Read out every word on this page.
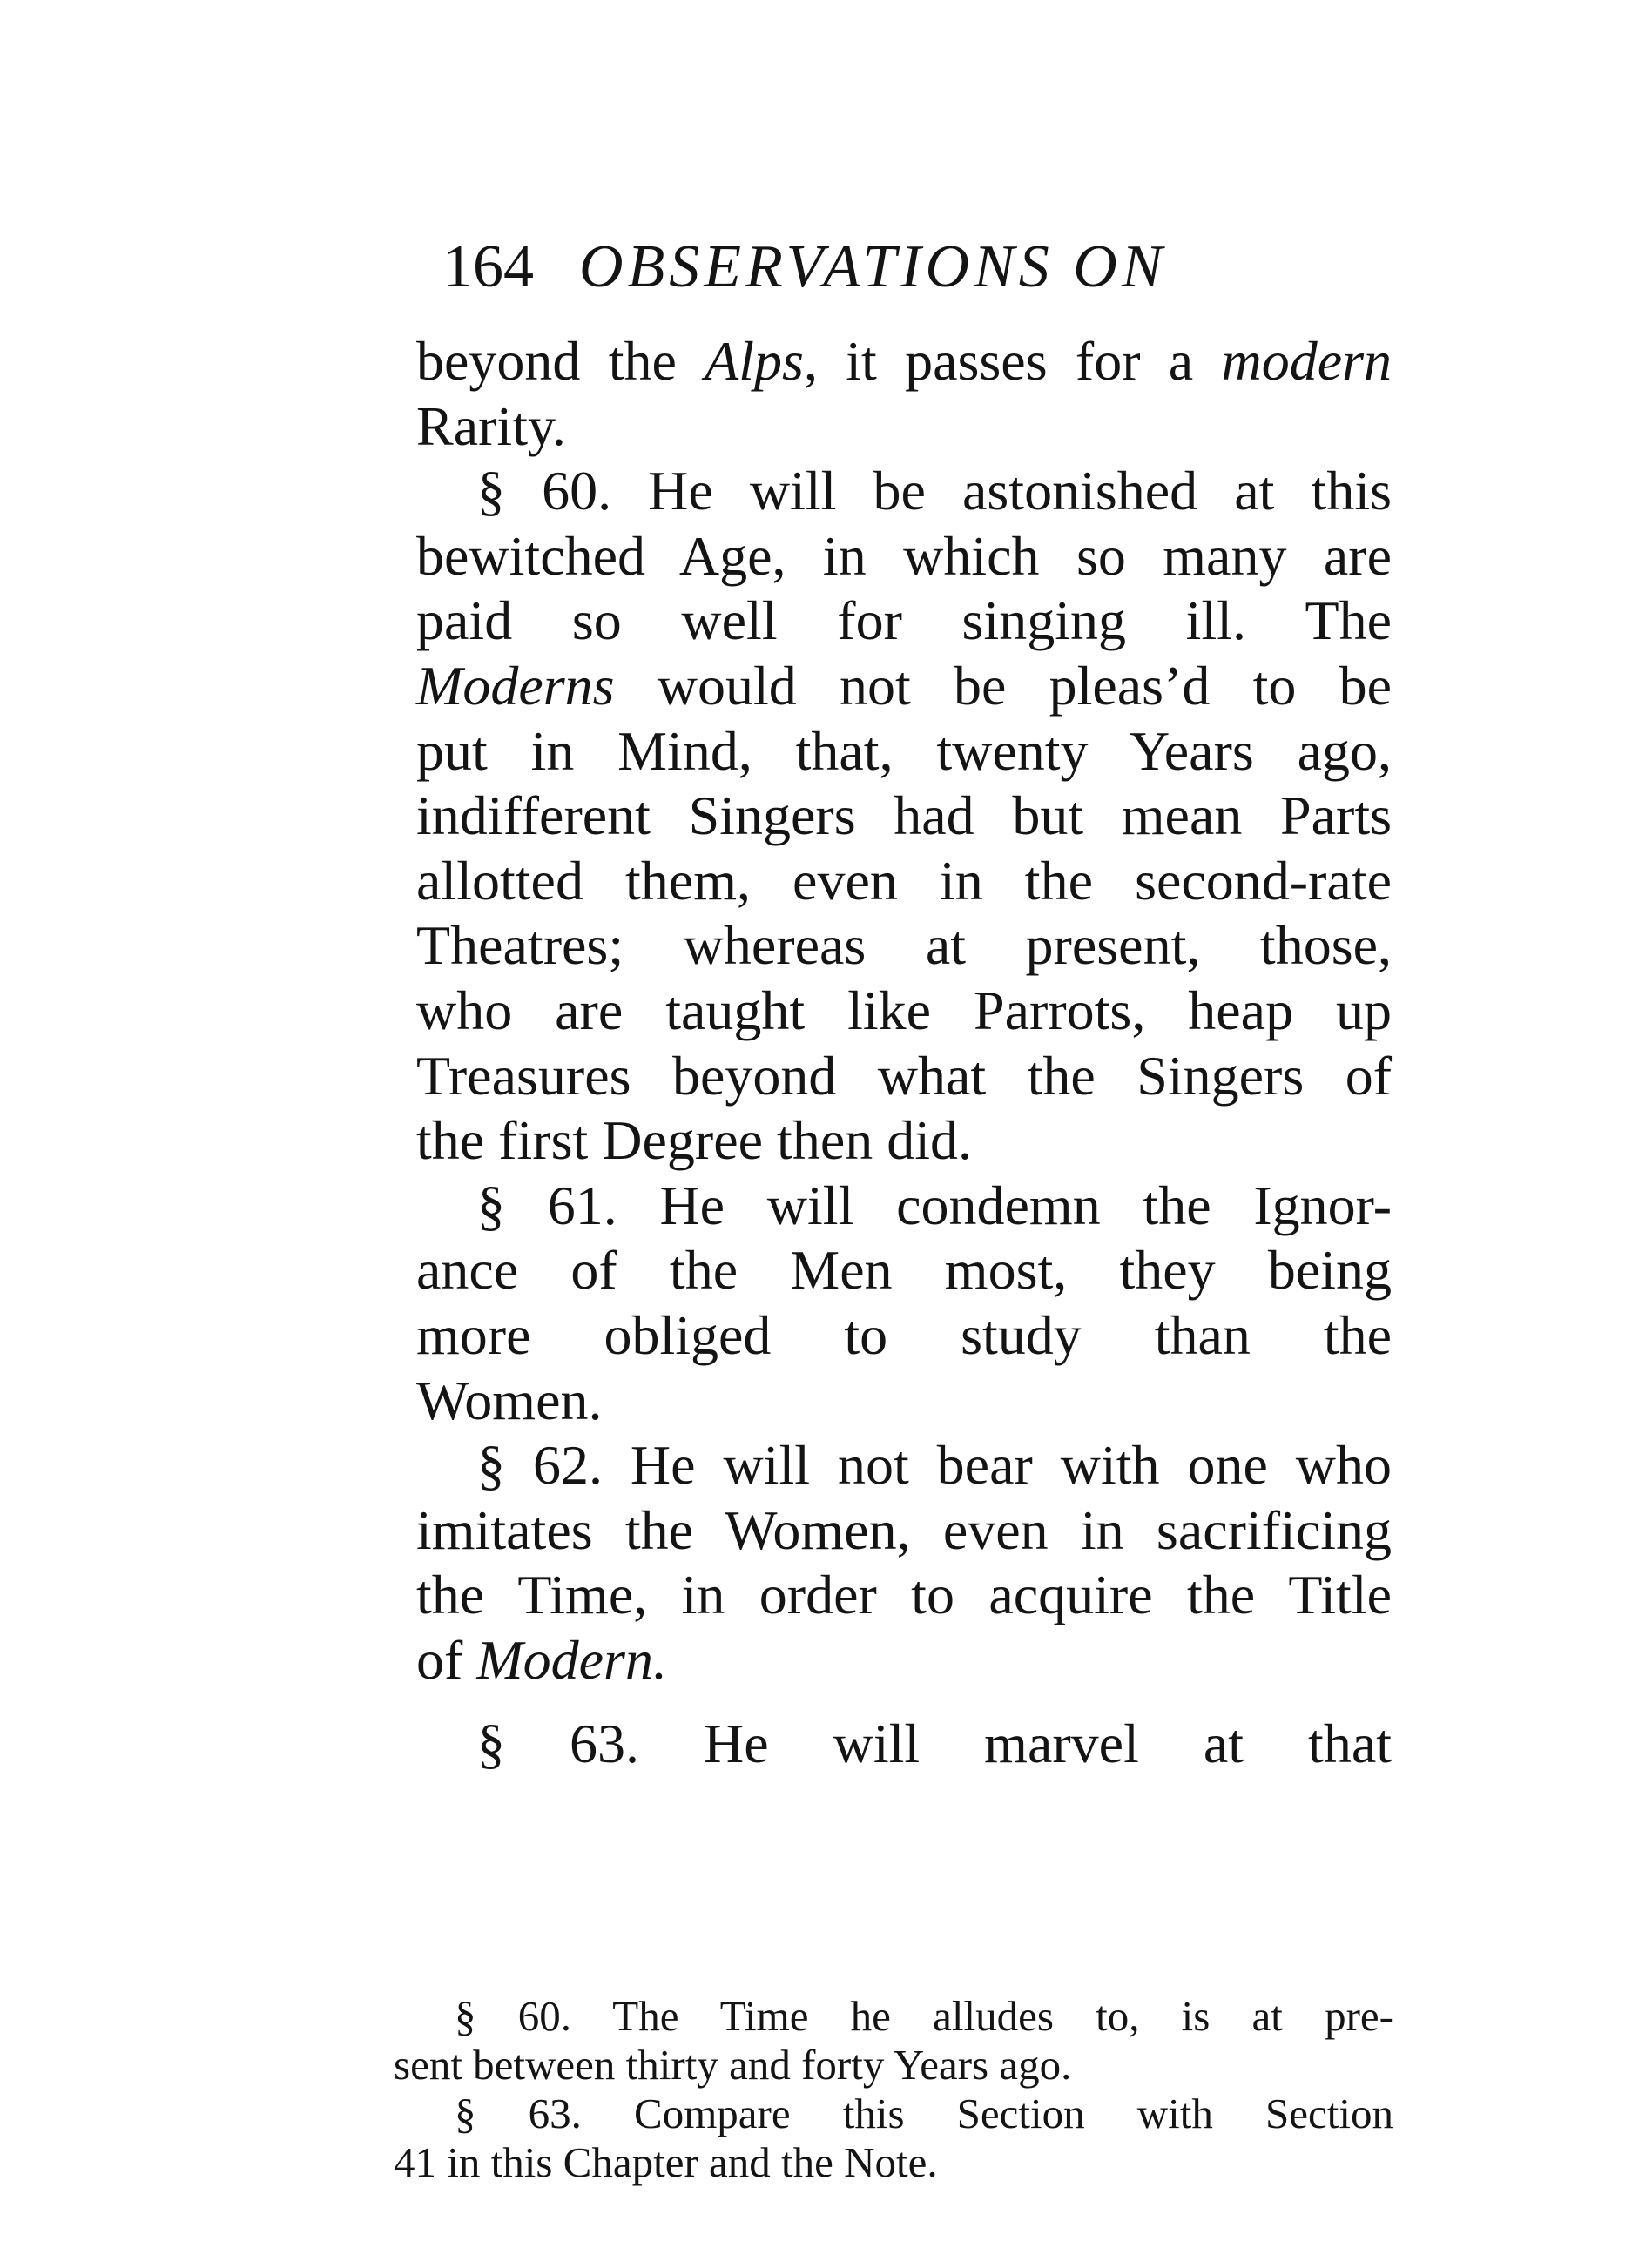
164 OBSERVATIONS ON
beyond the Alps, it passes for a modern
Rarity.
§ 60. He will be astonished at this
bewitched Age, in which so many are
paid so well for singing ill. The
Moderns would not be pleas’d to be
put in Mind, that, twenty Years ago,
indifferent Singers had but mean Parts
allotted them, even in the second-rate
Theatres; whereas at present, those,
who are taught like Parrots, heap up
Treasures beyond what the Singers of
the first Degree then did.
§ 61. He will condemn the Ignor-
ance of the Men most, they being
more obliged to study than the
Women.
§ 62. He will not bear with one who
imitates the Women, even in sacrificing
the Time, in order to acquire the Title
of Modern.
§ 63. He will marvel at that
§ 60. The Time he alludes to, is at pre-
sent between thirty and forty Years ago.
§ 63. Compare this Section with Section
41 in this Chapter and the Note.
